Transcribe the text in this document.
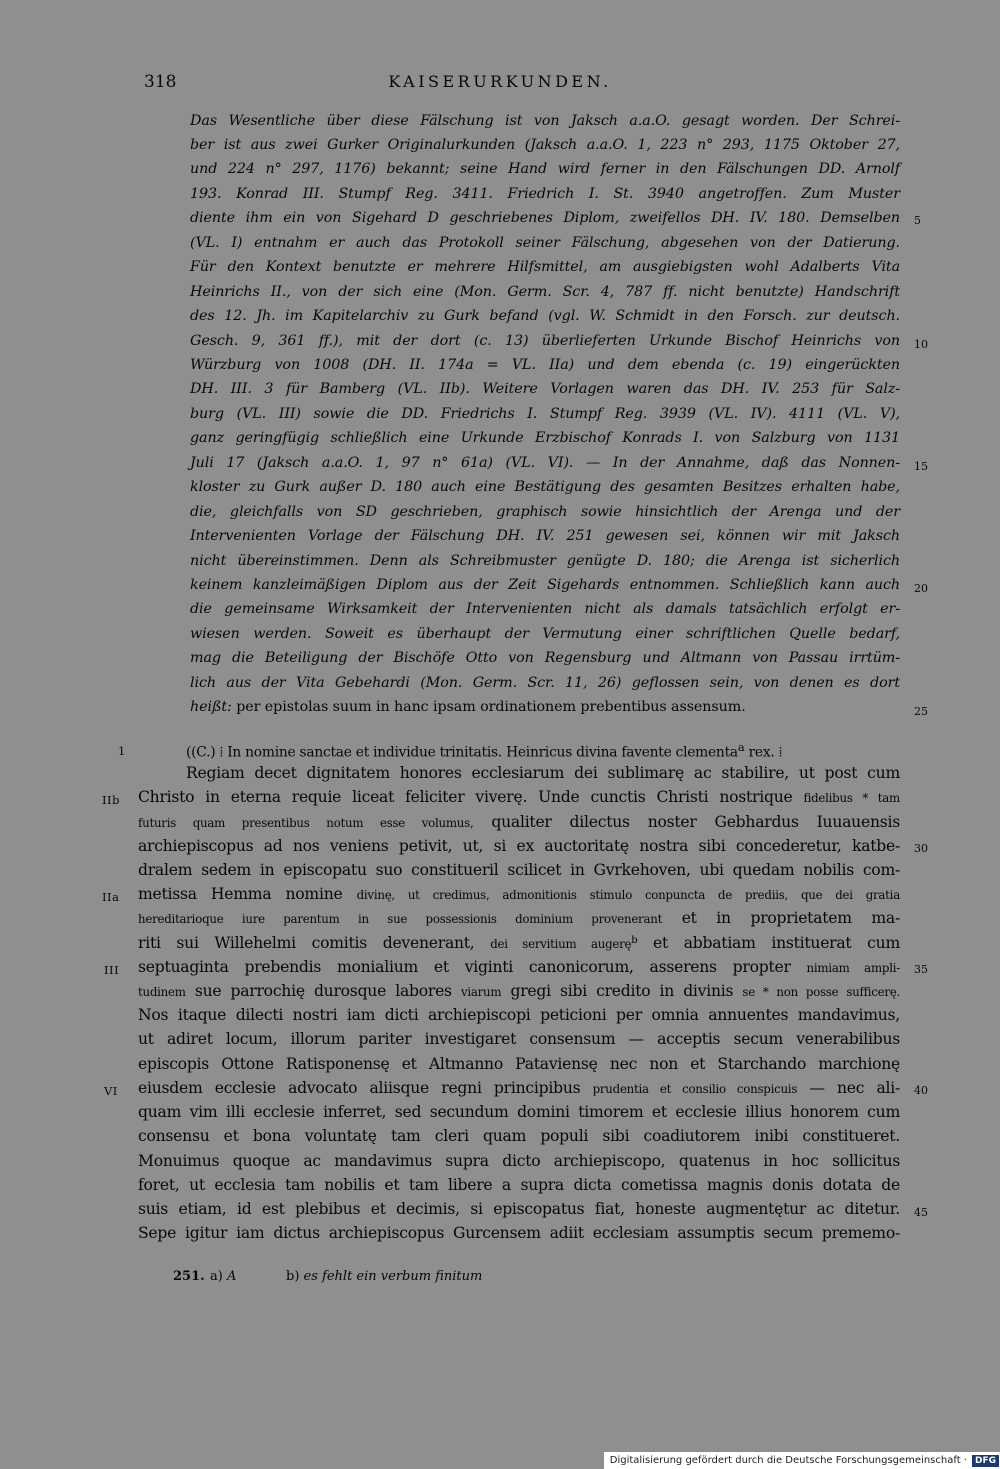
318	KAISERURKUNDEN.
Das Wesentliche über diese Fälschung ist von Jaksch a.a.O. gesagt worden. Der Schrei-
ber ist aus zwei Gurker Originalurkunden (Jaksch a.a.O. 1, 223 n° 293, 1175 Oktober 27,
und 224 n° 297, 1176) bekannt; seine Hand wird ferner in den Fälschungen DD. Arnolf
193. Konrad III. Stumpf Reg. 3411. Friedrich I. St. 3940 angetroffen. Zum Muster
diente ihm ein von Sigehard D geschriebenes Diplom, zweifellos DH. IV. 180. Demselben
(VL. I) entnahm er auch das Protokoll seiner Fälschung, abgesehen von der Datierung.
Für den Kontext benutzte er mehrere Hilfsmittel, am ausgiebigsten wohl Adalberts Vita
Heinrichs II., von der sich eine (Mon. Germ. Scr. 4, 787 ff. nicht benutzte) Handschrift
des 12. Jh. im Kapitelarchiv zu Gurk befand (vgl. W. Schmidt in den Forsch. zur deutsch.
Gesch. 9, 361 ff.), mit der dort (c. 13) überlieferten Urkunde Bischof Heinrichs von
Würzburg von 1008 (DH. II. 174a = VL. IIa) und dem ebenda (c. 19) eingerückten
DH. III. 3 für Bamberg (VL. IIb). Weitere Vorlagen waren das DH. IV. 253 für Salz-
burg (VL. III) sowie die DD. Friedrichs I. Stumpf Reg. 3939 (VL. IV). 4111 (VL. V),
ganz geringfügig schließlich eine Urkunde Erzbischof Konrads I. von Salzburg von 1131
Juli 17 (Jaksch a.a.O. 1, 97 n° 61a) (VL. VI). — In der Annahme, daß das Nonnen-
kloster zu Gurk außer D. 180 auch eine Bestätigung des gesamten Besitzes erhalten habe,
die, gleichfalls von SD geschrieben, graphisch sowie hinsichtlich der Arenga und der
Intervenienten Vorlage der Fälschung DH. IV. 251 gewesen sei, können wir mit Jaksch
nicht übereinstimmen. Denn als Schreibmuster genügte D. 180; die Arenga ist sicherlich
keinem kanzleimäßigen Diplom aus der Zeit Sigehards entnommen. Schließlich kann auch
die gemeinsame Wirksamkeit der Intervenienten nicht als damals tatsächlich erfolgt er-
wiesen werden. Soweit es überhaupt der Vermutung einer schriftlichen Quelle bedarf,
mag die Beteiligung der Bischöfe Otto von Regensburg und Altmann von Passau irrtüm-
lich aus der Vita Gebehardi (Mon. Germ. Scr. 11, 26) geflossen sein, von denen es dort
heißt: per epistolas suum in hanc ipsam ordinationem prebentibus assensum.
((C.) ⁞ In nomine sanctae et individue trinitatis. Heinricus divina favente clementa$^a$ rex. ⁞
Regiam decet dignitatem honores ecclesiarum dei sublimarę ac stabilire, ut post cum
Christo in eterna requie liceat feliciter viverę. Unde cunctis Christi nostrique fidelibus * tam
futuris quam presentibus notum esse volumus, qualiter dilectus noster Gebhardus Iuuauensis
archiepiscopus ad nos veniens petivit, ut, si ex auctoritatę nostra sibi concederetur, katbe-
dralem sedem in episcopatu suo constitueril scilicet in Gvrkehoven, ubi quedam nobilis com-
metissa Hemma nomine divinę, ut credimus, admonitionis stimulo conpuncta de prediis, que dei gratia
hereditarioque iure parentum in sue possessionis dominium provenerant et in proprietatem ma-
riti sui Willehelmi comitis devenerant, dei servitium augerę$^b$ et abbatiam instituerat cum
septuaginta prebendis monialium et viginti canonicorum, asserens propter nimiam ampli-
tudinem sue parrochię durosque labores viarum gregi sibi credito in divinis se * non posse sufficerę.
Nos itaque dilecti nostri iam dicti archiepiscopi peticioni per omnia annuentes mandavimus,
ut adiret locum, illorum pariter investigaret consensum — acceptis secum venerabilibus
episcopis Ottone Ratisponensę et Altmanno Pataviensę nec non et Starchando marchionę
eiusdem ecclesie advocato aliisque regni principibus prudentia et consilio conspicuis — nec ali-
quam vim illi ecclesie inferret, sed secundum domini timorem et ecclesie illius honorem cum
consensu et bona voluntatę tam cleri quam populi sibi coadiutorem inibi constitueret.
Monuimus quoque ac mandavimus supra dicto archiepiscopo, quatenus in hoc sollicitus
foret, ut ecclesia tam nobilis et tam libere a supra dicta cometissa magnis donis dotata de
suis etiam, id est plebibus et decimis, si episcopatus fiat, honeste augmentętur ac ditetur.
Sepe igitur iam dictus archiepiscopus Gurcensem adiit ecclesiam assumptis secum prememo-
5
10
15
20
25
30
35
40
45
1
IIb
IIa
III
VI
251. a) A	b) es fehlt ein verbum finitum
Digitalisierung gefördert durch die Deutsche Forschungsgemeinschaft · DFG
